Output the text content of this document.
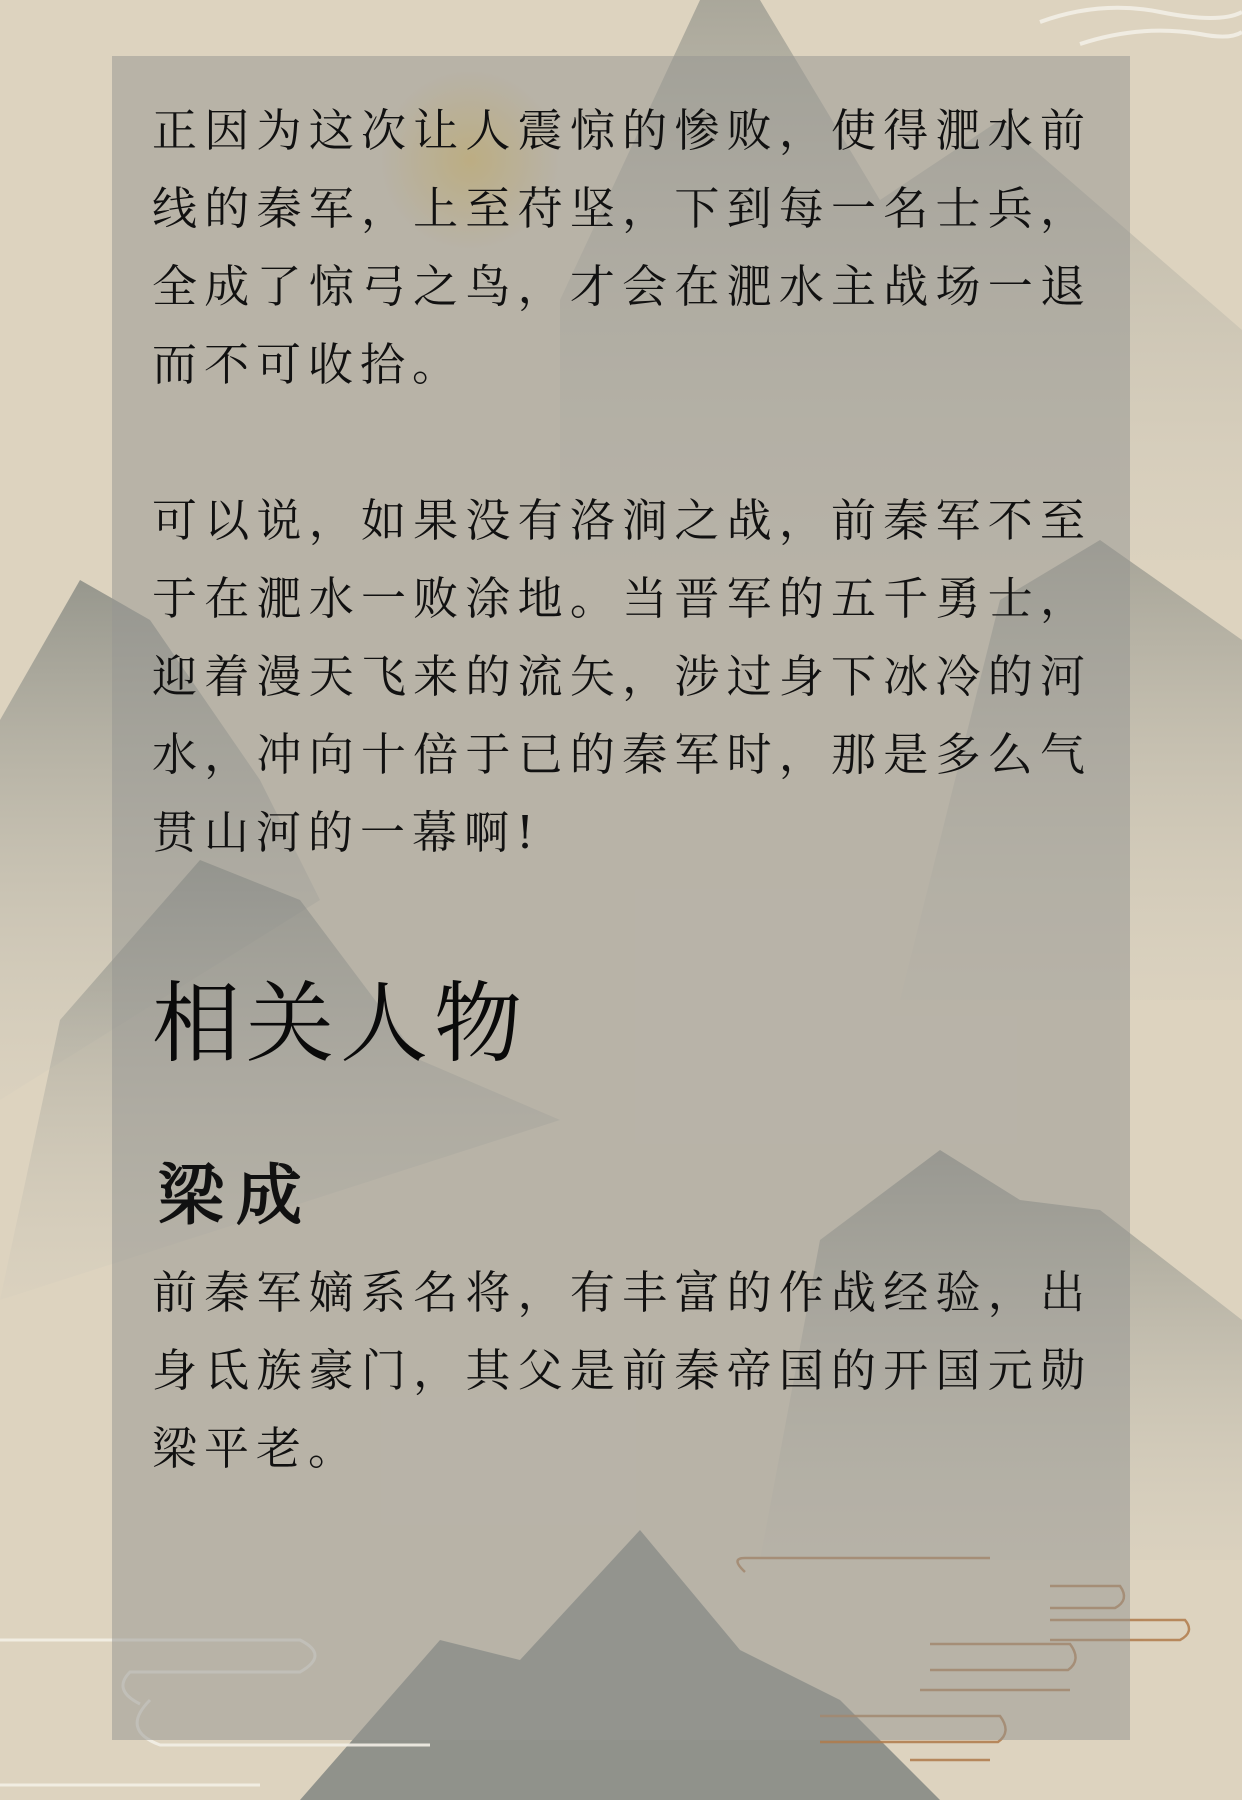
正因为这次让人震惊的惨败，使得淝水前线的秦军，上至苻坚，下到每一名士兵，全成了惊弓之鸟，才会在淝水主战场一退而不可收拾。

可以说，如果没有洛涧之战，前秦军不至于在淝水一败涂地。当晋军的五千勇士，迎着漫天飞来的流矢，涉过身下冰冷的河水，冲向十倍于已的秦军时，那是多么气贯山河的一幕啊!

相关人物
梁成

前秦军嫡系名将，有丰富的作战经验，出身氐族豪门，其父是前秦帝国的开国元勋梁平老。
